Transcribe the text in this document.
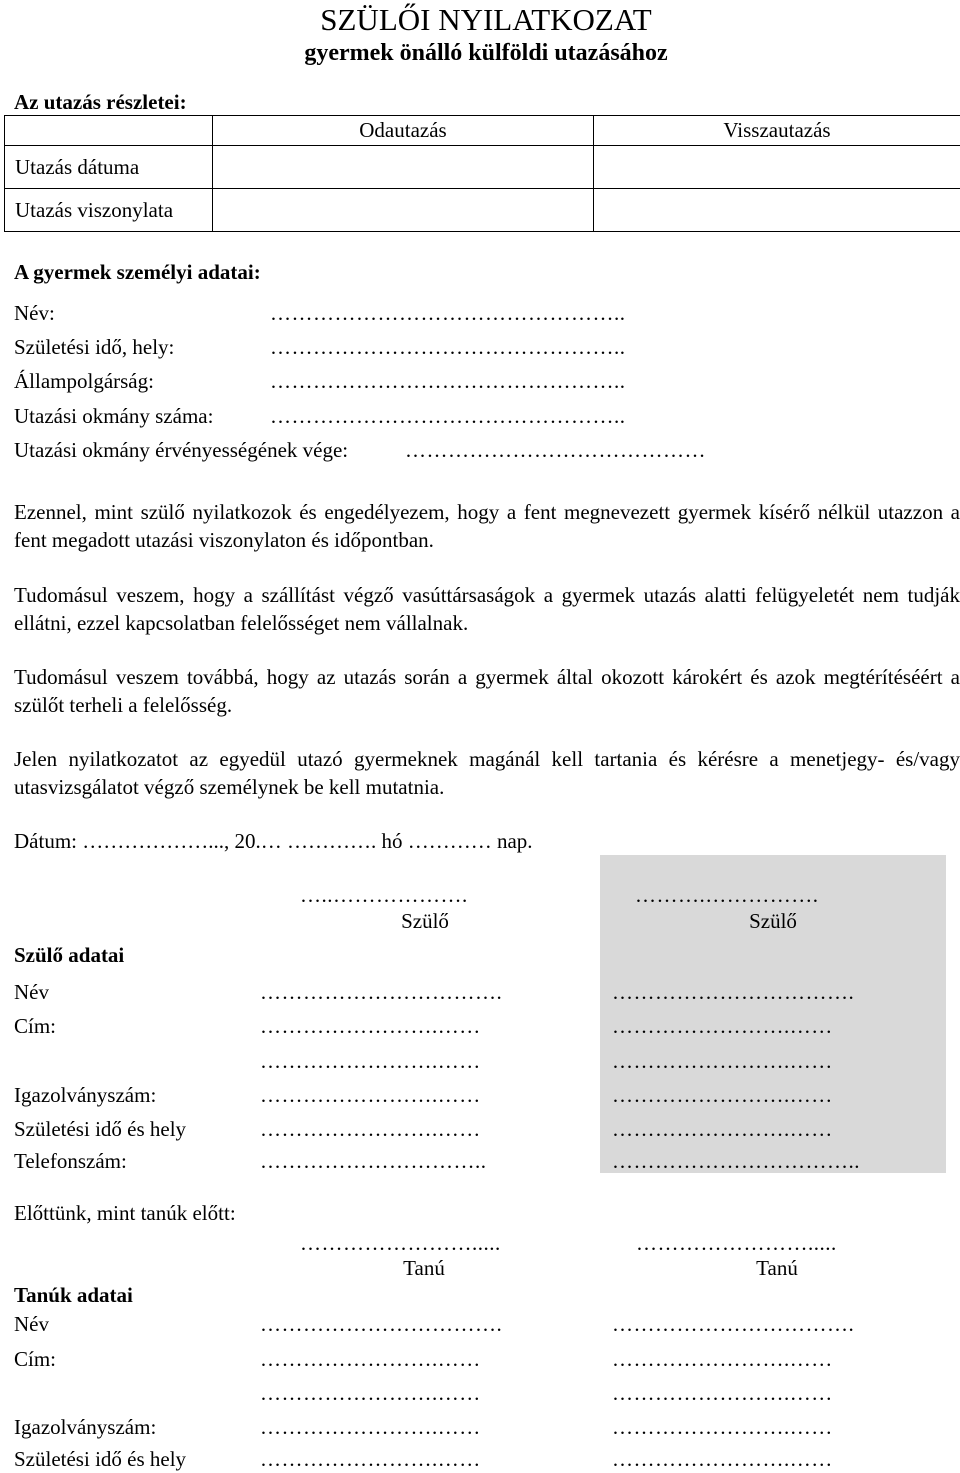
SZÜLŐI NYILATKOZAT
gyermek önálló külföldi utazásához
Az utazás részletei:
	Odautazás	Visszautazás
Utazás dátuma		
Utazás viszonylata		
A gyermek személyi adatai:
Név:	…………………………………………..
Születési idő, hely:	…………………………………………..
Állampolgárság:	…………………………………………..
Utazási okmány száma:	…………………………………………..
Utazási okmány érvényességének vége:	……………………………………
Ezennel, mint szülő nyilatkozok és engedélyezem, hogy a fent megnevezett gyermek kísérő nélkül utazzon a fent megadott utazási viszonylaton és időpontban.
Tudomásul veszem, hogy a szállítást végző vasúttársaságok a gyermek utazás alatti felügyeletét nem tudják ellátni, ezzel kapcsolatban felelősséget nem vállalnak.
Tudomásul veszem továbbá, hogy az utazás során a gyermek által okozott károkért és azok megtérítéséért a szülőt terheli a felelősség.
Jelen nyilatkozatot az egyedül utazó gyermeknek magánál kell tartania és kérésre a menetjegy- és/vagy utasvizsgálatot végző személynek be kell mutatnia.
Dátum: ………………..., 20.… …………. hó ………… nap.
…..……………….	……….…………….
Szülő	Szülő
Szülő adatai
Név	…………………………….	…………………………….
Cím:	…………………….……	…………………….……
…………………….……	…………………….……
Igazolványszám:	…………………….……	…………………….……
Születési idő és hely	…………………….……	…………………….……
Telefonszám:	…………………………..	……………………………..
Előttünk, mint tanúk előtt:
…………………….....	…………………….....
Tanú	Tanú
Tanúk adatai
Név	…………………………….	…………………………….
Cím:	…………………….……	…………………….……
…………………….……	…………………….……
Igazolványszám:	…………………….……	…………………….……
Születési idő és hely	…………………….……	…………………….……
